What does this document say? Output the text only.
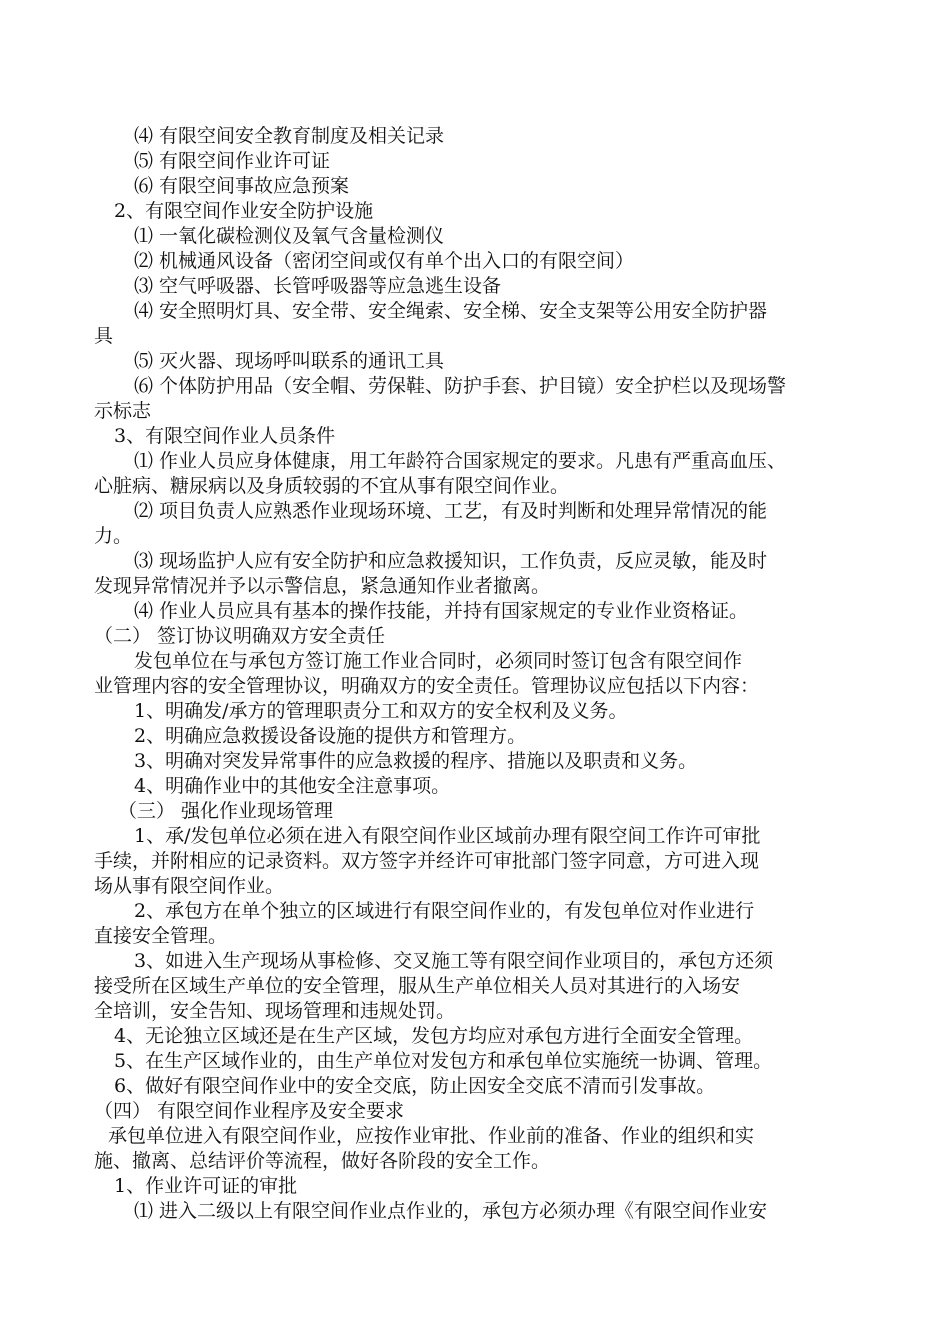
⑷ 有限空间安全教育制度及相关记录
⑸ 有限空间作业许可证
⑹ 有限空间事故应急预案
2、有限空间作业安全防护设施
⑴ 一氧化碳检测仪及氧气含量检测仪
⑵ 机械通风设备（密闭空间或仅有单个出入口的有限空间）
⑶ 空气呼吸器、长管呼吸器等应急逃生设备
⑷ 安全照明灯具、安全带、安全绳索、安全梯、安全支架等公用安全防护器
具
⑸ 灭火器、现场呼叫联系的通讯工具
⑹ 个体防护用品（安全帽、劳保鞋、防护手套、护目镜）安全护栏以及现场警
示标志
3、有限空间作业人员条件
⑴ 作业人员应身体健康，用工年龄符合国家规定的要求。凡患有严重高血压、
心脏病、糖尿病以及身质较弱的不宜从事有限空间作业。
⑵ 项目负责人应熟悉作业现场环境、工艺，有及时判断和处理异常情况的能
力。
⑶ 现场监护人应有安全防护和应急救援知识，工作负责，反应灵敏，能及时
发现异常情况并予以示警信息，紧急通知作业者撤离。
⑷ 作业人员应具有基本的操作技能，并持有国家规定的专业作业资格证。
（二） 签订协议明确双方安全责任
发包单位在与承包方签订施工作业合同时，必须同时签订包含有限空间作
业管理内容的安全管理协议，明确双方的安全责任。管理协议应包括以下内容：
1、明确发/承方的管理职责分工和双方的安全权利及义务。
2、明确应急救援设备设施的提供方和管理方。
3、明确对突发异常事件的应急救援的程序、措施以及职责和义务。
4、明确作业中的其他安全注意事项。
（三） 强化作业现场管理
1、承/发包单位必须在进入有限空间作业区域前办理有限空间工作许可审批
手续，并附相应的记录资料。双方签字并经许可审批部门签字同意，方可进入现
场从事有限空间作业。
2、承包方在单个独立的区域进行有限空间作业的，有发包单位对作业进行
直接安全管理。
3、如进入生产现场从事检修、交叉施工等有限空间作业项目的，承包方还须
接受所在区域生产单位的安全管理，服从生产单位相关人员对其进行的入场安
全培训，安全告知、现场管理和违规处罚。
4、无论独立区域还是在生产区域，发包方均应对承包方进行全面安全管理。
5、在生产区域作业的，由生产单位对发包方和承包单位实施统一协调、管理。
6、做好有限空间作业中的安全交底，防止因安全交底不清而引发事故。
（四） 有限空间作业程序及安全要求
承包单位进入有限空间作业，应按作业审批、作业前的准备、作业的组织和实
施、撤离、总结评价等流程，做好各阶段的安全工作。
1、作业许可证的审批
⑴ 进入二级以上有限空间作业点作业的，承包方必须办理《有限空间作业安
